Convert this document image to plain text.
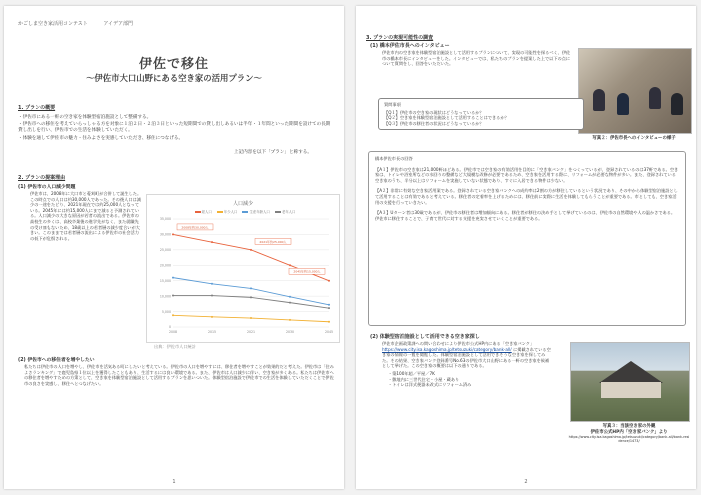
かごしま空き家活用コンテスト	アイデア部門
伊佐で移住
〜伊佐市大口山野にある空き家の活用プラン〜
1. プランの概要

・伊佐市にある一軒の空き家を体験型宿泊施設として整備する。

・伊佐市への移住を考えていらっしゃる方を対象に１泊２日・２泊３日といった短期間での貸し出しあるいは半年・１年間といった期間を設けての長期貸し出しを行い、伊佐市での生活を体験していただく。

・体験を通して伊佐市の魅力・住みよさを実感していただき、移住につなげる。

上記内容を以下「プラン」と称する。

2. プランの提案理由
(1) 伊佐市の人口減少問題
伊佐市は、2008年に大口市と菱刈町が合併して誕生した。この時点での人口は約30,000人であった。その後人口は減少の一途をたどり、2021年現在では約25,000人となっている。2045年には約15,000人にまで減ると予測されている。人口減少の大きな原因が若者の流出である。伊佐市の高校生の多くは、高校卒業後の進学先がなく、また就職先の受け皿もないため、18歳以上の若者層の減少度合いが大きい。このままでは若者層の流出による伊佐市の社会活力の低下が危惧される。
人口減少
総人口	年少人口	生産年齢人口	老年人口
35,000
30,000
25,000
20,000
15,000
10,000
5,000
0
2008	2015	2021	2030	2045
2008年約30,000人
2021年約25,000人
2045年約15,000人
出典：伊佐市人口統計
(2) 伊佐市への移住者を増やしたい
私たちは伊佐市の人口を増やし、伊佐市を活気ある町にしたいと考えている。伊佐市の人口を増やすには、移住者を増やすことが効果的だと考えた。伊佐市は「住みよさランキング」で鹿児島県１位以上を獲得したこともあり、生活するには良い環境である。また、伊佐市は人口減少に伴い、空き家が多くある。私たちは伊佐市への移住者を増やすための方策として、空き家を体験型宿泊施設として活用するプランを思いついた。体験型宿泊施設で伊佐市での生活を体験していただくことで伊佐市の良さを実感し、移住へとつなげたい。
1
3. プランの実現可能性の調査
(1) 橋本伊佐市長へのインタビュー
伊佐市内の空き家を体験型宿泊施設として活用するプランについて、実現の可能性を探るべく、伊佐市の橋本市長にインタビューをした。インタビューでは、私たちのプランを提案した上で以下の点について質問をし、回答をいただいた。
写真２：伊佐市長へのインタビューの様子
質問事項
【Q１】伊佐市の空き家の現状はどうなっているか？
【Q２】空き家を体験型宿泊施設として活用することはできるか？
【Q３】伊佐市の移住者の状況はどうなっているか？

橋本伊佐市長の回答

【A１】伊佐市の空き家は21,000軒ほどある。伊佐市では空き家の有効活用を目的に「空き家バンク」をつくっているが、登録されているのは37軒である。空き家は、トイレや浴室所などの水回りの整備など大規模な改修が必要であるため、空き家を活用する際に、リフォームが必要な物件が多い。また、登録されている空き家のうち、半分以上はリフォームを実施していない状態であり、すぐに入居できる物件は少ない。

【A２】非常に有効な空き家活用案である。登録されている空き家バンクへの成約率は2割の方が移住しているという状況であり、その中から体験型宿泊施設として活用することは有効であると考えている。移住者の定着率を上げるためには、移住前に実際に生活を体験してもらうことが重要である。市としても、空き家活用の支援を行っていきたい。

【A３】Uターン者は30歳であるが、伊佐市の移住者は増加傾向にある。移住者が移住の決め手として挙げているのは、伊佐市の自然環境や人の温かさである。伊佐市に移住することで、子育て世代に対する支援を充実させていくことが重要である。

(2) 体験型宿泊施設として活用できる空き家探し
伊佐市企画政策課への問い合わせにより伊佐市公式HP内にある「空き家バンク」 https://www.city.isa.kagoshima.jp/tetsuzuki/category/bank-all/ に掲載されている空き家の情報の一覧を閲覧した。体験型宿泊施設として活用できそうな空き家を探してみた。その結果、空き家バンク登録番号No.63の伊佐市大口山野にある一軒の空き家を候補として挙げた。この空き家の概要は以下の通りである。
・築100年超／平屋／7K
・敷地内に三世代住宅・小屋・蔵あり
・トイレは洋式便器未改式にリフォーム済み
写真３：当該空き家の外観
伊佐市公式HP内「空き家バンク」より
https://www.city.isa.kagoshima.jp/tetsuzuki/category/bank-all/bank-residence/1473/
2
